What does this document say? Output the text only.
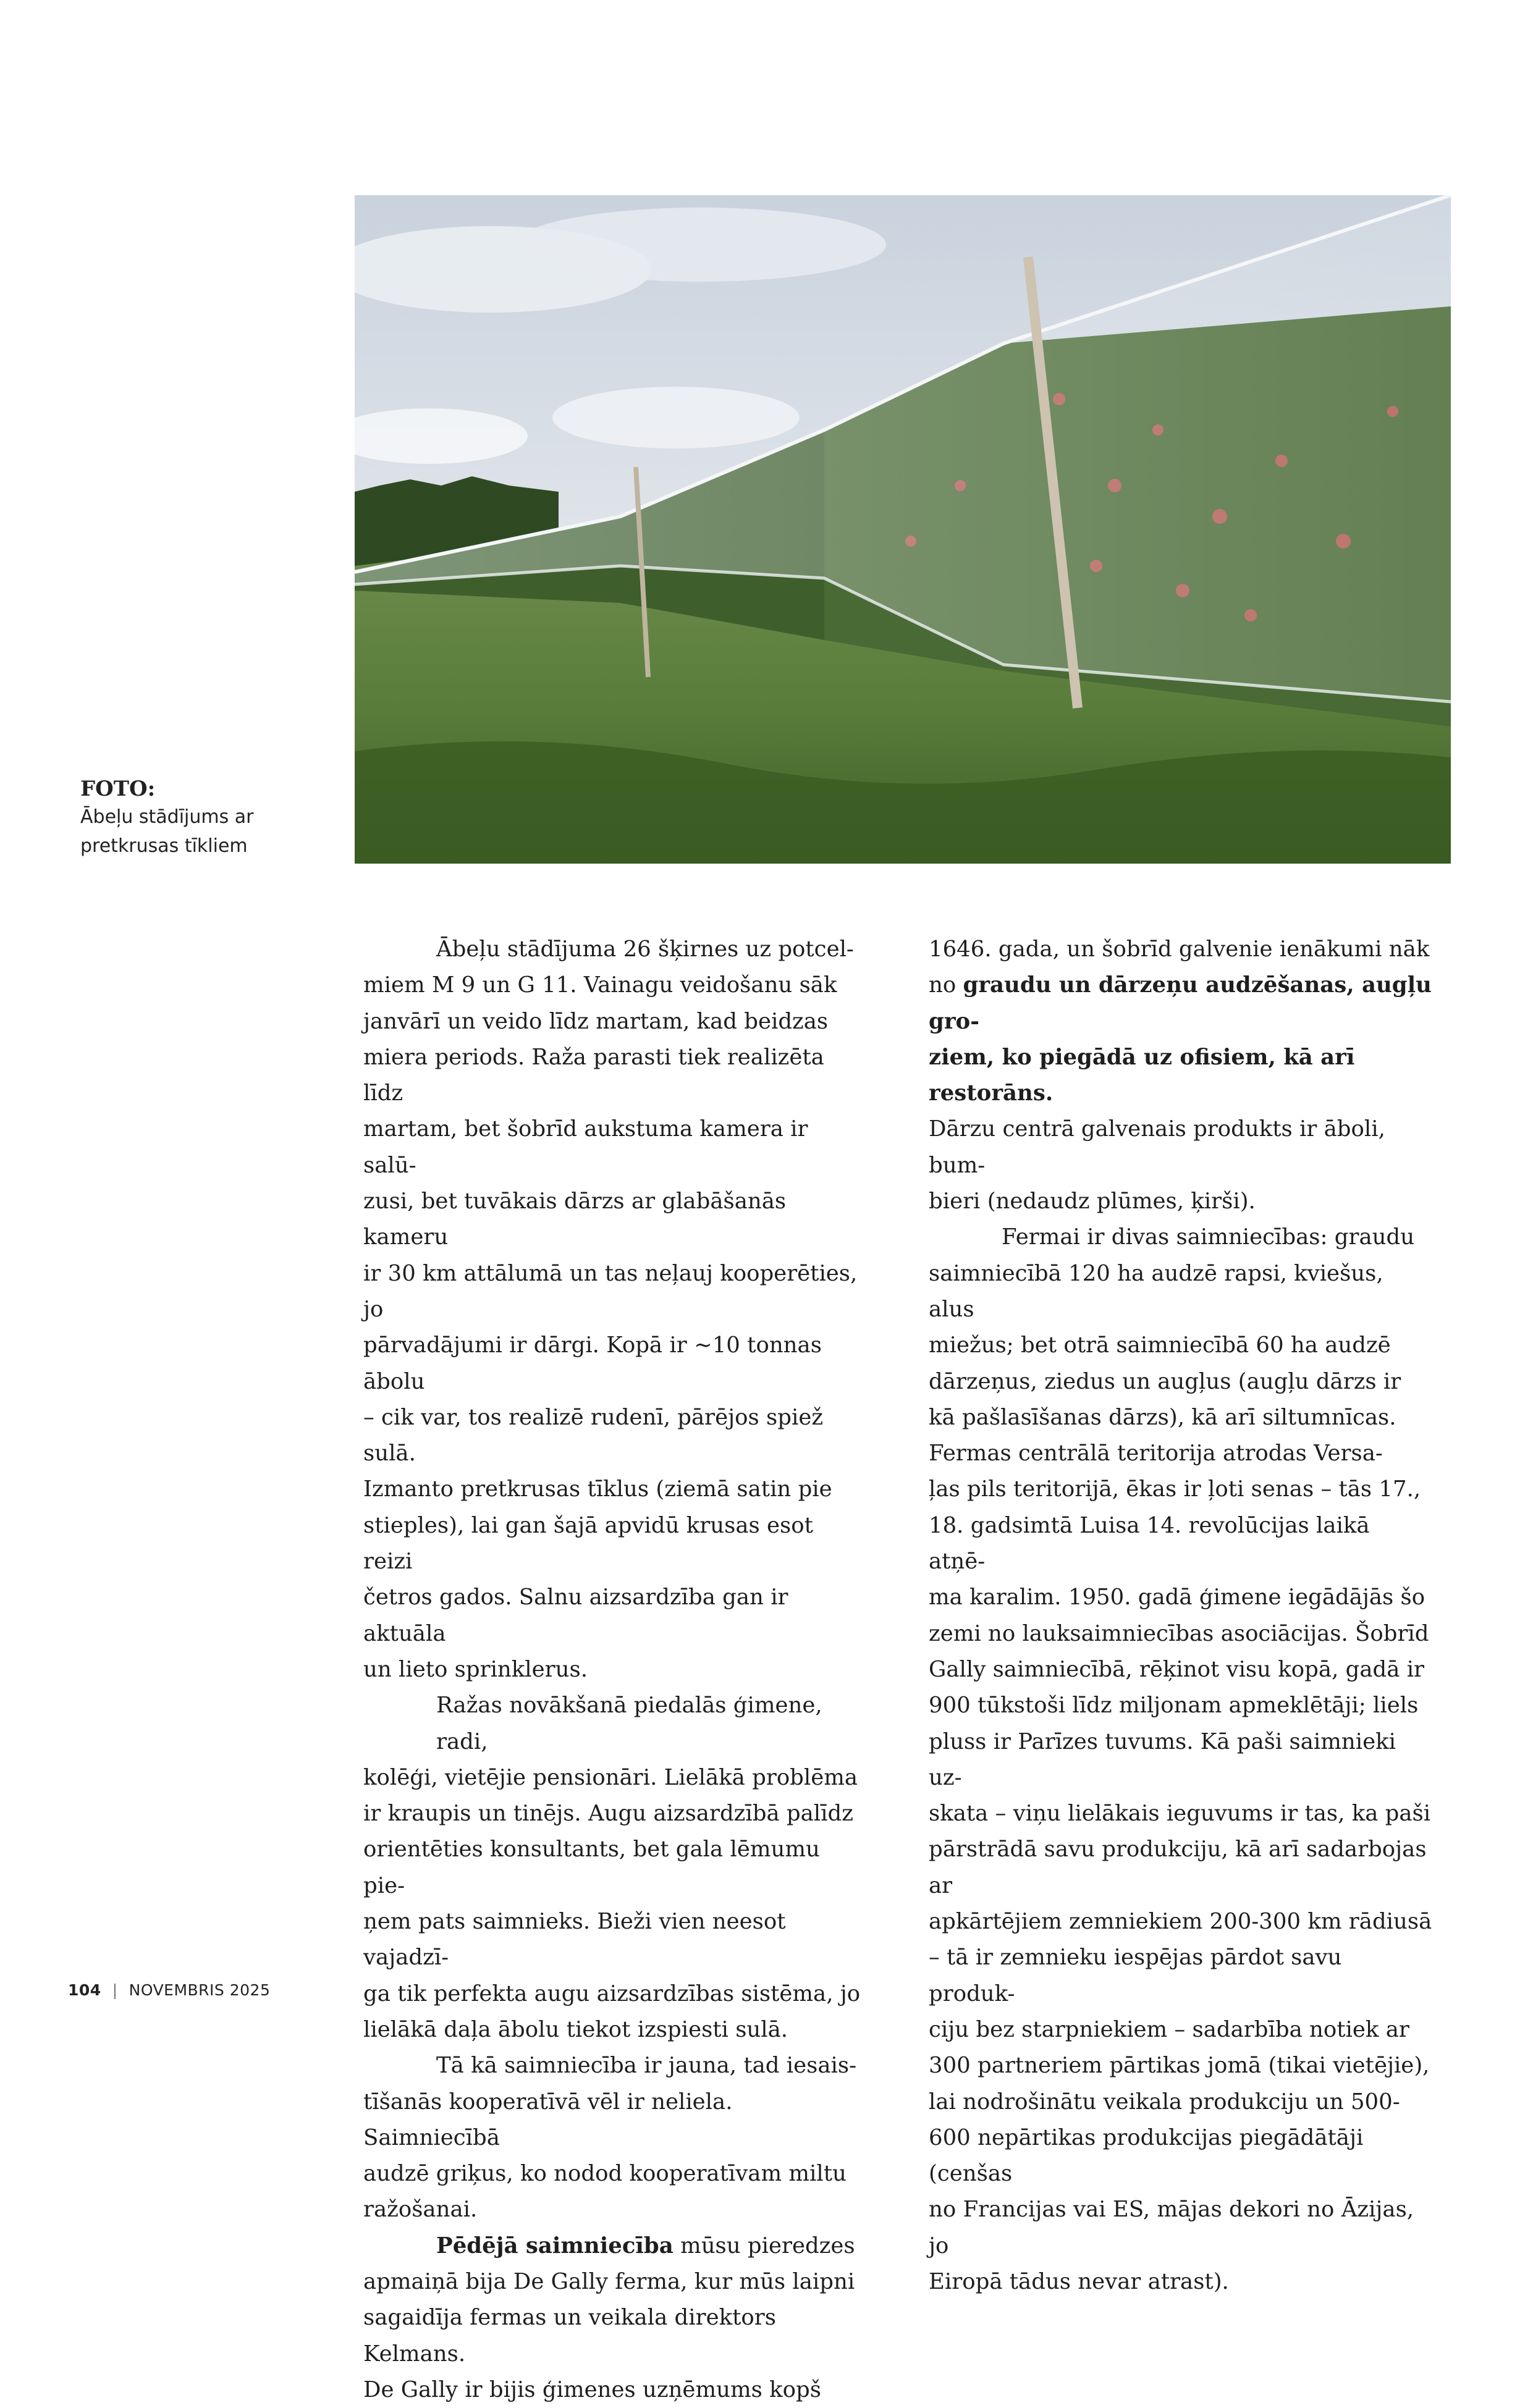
FOTO:
Ābeļu stādījums ar
pretkrusas tīkliem
Ābeļu stādījuma 26 šķirnes uz potcel-
miem M 9 un G 11. Vainagu veidošanu sāk
janvārī un veido līdz martam, kad beidzas
miera periods. Raža parasti tiek realizēta līdz
martam, bet šobrīd aukstuma kamera ir salū-
zusi, bet tuvākais dārzs ar glabāšanās kameru
ir 30 km attālumā un tas neļauj kooperēties, jo
pārvadājumi ir dārgi. Kopā ir ~10 tonnas ābolu
– cik var, tos realizē rudenī, pārējos spiež sulā.
Izmanto pretkrusas tīklus (ziemā satin pie
stieples), lai gan šajā apvidū krusas esot reizi
četros gados. Salnu aizsardzība gan ir aktuāla
un lieto sprinklerus.
Ražas novākšanā piedalās ģimene, radi,
kolēģi, vietējie pensionāri. Lielākā problēma
ir kraupis un tinējs. Augu aizsardzībā palīdz
orientēties konsultants, bet gala lēmumu pie-
ņem pats saimnieks. Bieži vien neesot vajadzī-
ga tik perfekta augu aizsardzības sistēma, jo
lielākā daļa ābolu tiekot izspiesti sulā.
Tā kā saimniecība ir jauna, tad iesais-
tīšanās kooperatīvā vēl ir neliela. Saimniecībā
audzē griķus, ko nodod kooperatīvam miltu
ražošanai.
Pēdējā saimniecība mūsu pieredzes
apmaiņā bija De Gally ferma, kur mūs laipni
sagaidīja fermas un veikala direktors Kelmans.
De Gally ir bijis ģimenes uzņēmums kopš
1646. gada, un šobrīd galvenie ienākumi nāk
no graudu un dārzeņu audzēšanas, augļu gro-
ziem, ko piegādā uz ofisiem, kā arī restorāns.
Dārzu centrā galvenais produkts ir āboli, bum-
bieri (nedaudz plūmes, ķirši).
Fermai ir divas saimniecības: graudu
saimniecībā 120 ha audzē rapsi, kviešus, alus
miežus; bet otrā saimniecībā 60 ha audzē
dārzeņus, ziedus un augļus (augļu dārzs ir
kā pašlasīšanas dārzs), kā arī siltumnīcas.
Fermas centrālā teritorija atrodas Versa-
ļas pils teritorijā, ēkas ir ļoti senas – tās 17.,
18. gadsimtā Luisa 14. revolūcijas laikā atņē-
ma karalim. 1950. gadā ģimene iegādājās šo
zemi no lauksaimniecības asociācijas. Šobrīd
Gally saimniecībā, rēķinot visu kopā, gadā ir
900 tūkstoši līdz miljonam apmeklētāji; liels
pluss ir Parīzes tuvums. Kā paši saimnieki uz-
skata – viņu lielākais ieguvums ir tas, ka paši
pārstrādā savu produkciju, kā arī sadarbojas ar
apkārtējiem zemniekiem 200-300 km rādiusā
– tā ir zemnieku iespējas pārdot savu produk-
ciju bez starpniekiem – sadarbība notiek ar
300 partneriem pārtikas jomā (tikai vietējie),
lai nodrošinātu veikala produkciju un 500-
600 nepārtikas produkcijas piegādātāji (cenšas
no Francijas vai ES, mājas dekori no Āzijas, jo
Eiropā tādus nevar atrast).
104 | NOVEMBRIS 2025
